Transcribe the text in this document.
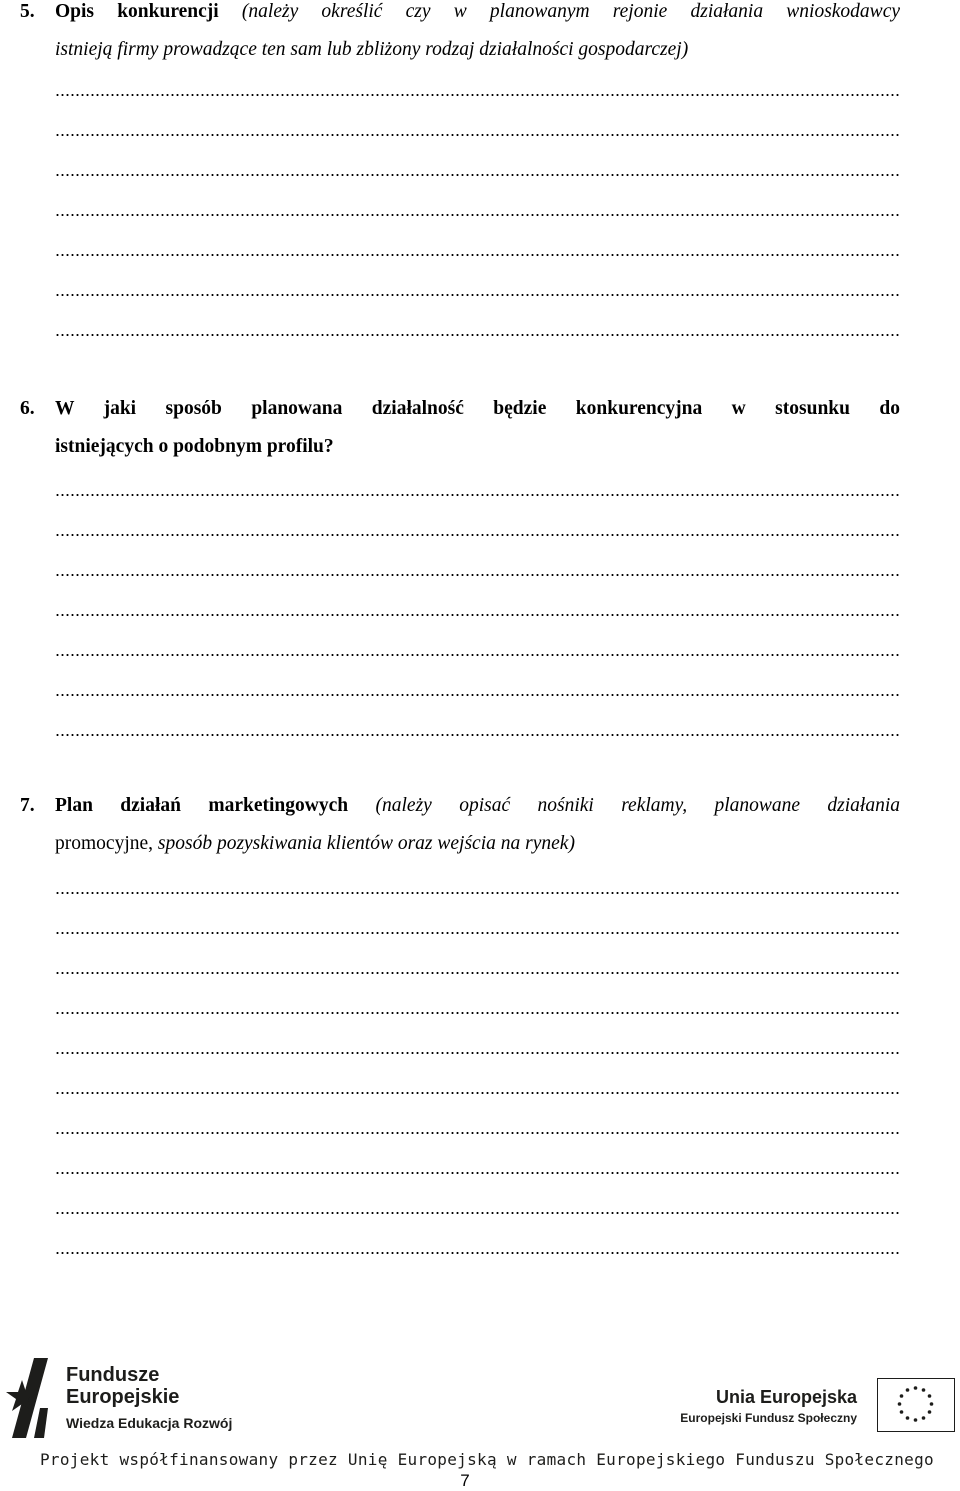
5. Opis konkurencji (należy określić czy w planowanym rejonie działania wnioskodawcy
istnieją firmy prowadzące ten sam lub zbliżony rodzaj działalności gospodarczej)
6. W jaki sposób planowana działalność będzie konkurencyjna w stosunku do
istniejących o podobnym profilu?
7. Plan działań marketingowych (należy opisać nośniki reklamy, planowane działania
promocyjne, sposób pozyskiwania klientów oraz wejścia na rynek)
Fundusze
Europejskie
Wiedza Edukacja Rozwój
Unia Europejska
Europejski Fundusz Społeczny
Projekt współfinansowany przez Unię Europejską w ramach Europejskiego Funduszu Społecznego
7
